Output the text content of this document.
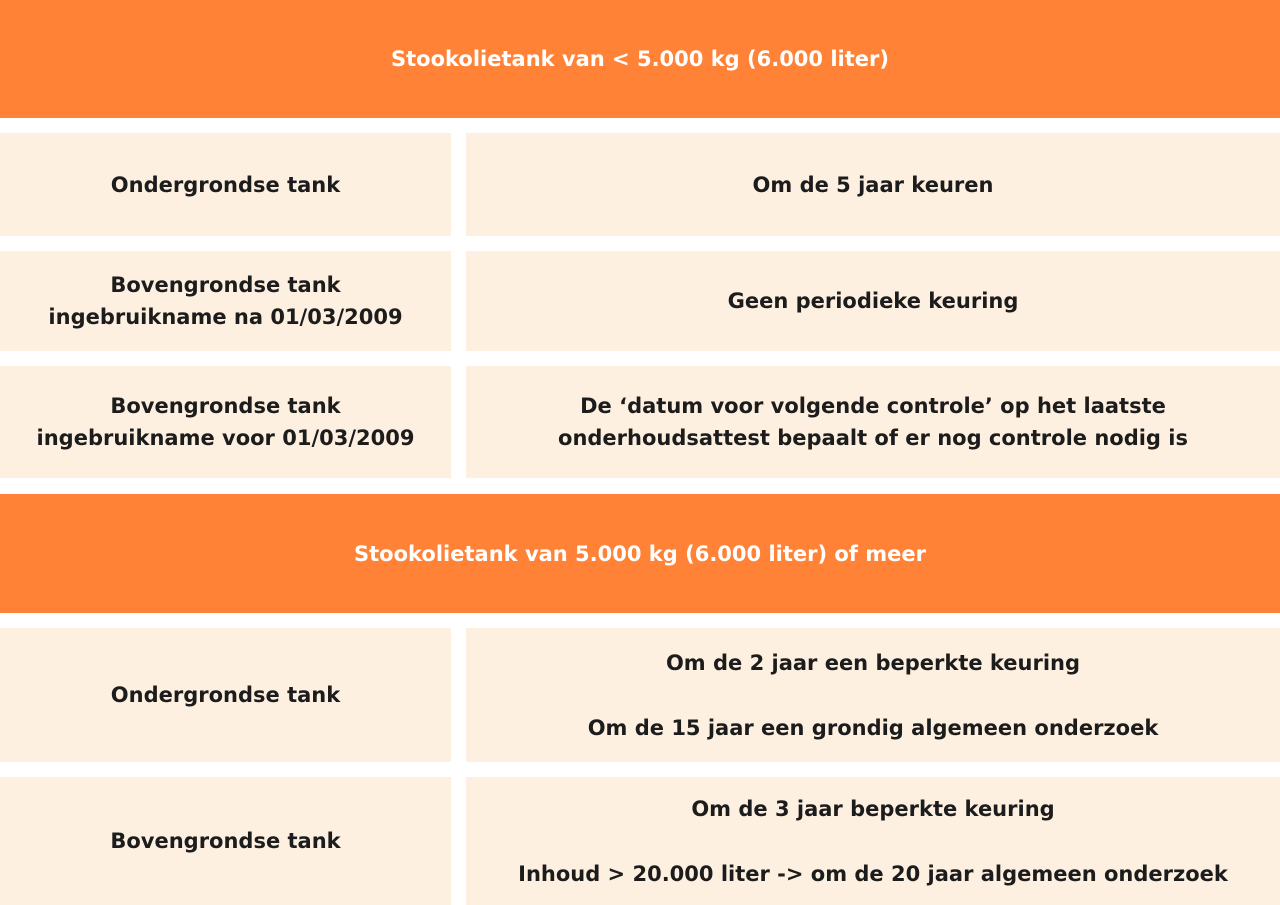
Stookolietank van < 5.000 kg (6.000 liter)
Ondergrondse tank	Om de 5 jaar keuren
Bovengrondse tank
ingebruikname na 01/03/2009
Geen periodieke keuring
Bovengrondse tank
ingebruikname voor 01/03/2009
De ‘datum voor volgende controle’ op het laatste
onderhoudsattest bepaalt of er nog controle nodig is
Stookolietank van 5.000 kg (6.000 liter) of meer
Ondergrondse tank
Om de 2 jaar een beperkte keuring
Om de 15 jaar een grondig algemeen onderzoek
Bovengrondse tank
Om de 3 jaar beperkte keuring
Inhoud > 20.000 liter -> om de 20 jaar algemeen onderzoek
